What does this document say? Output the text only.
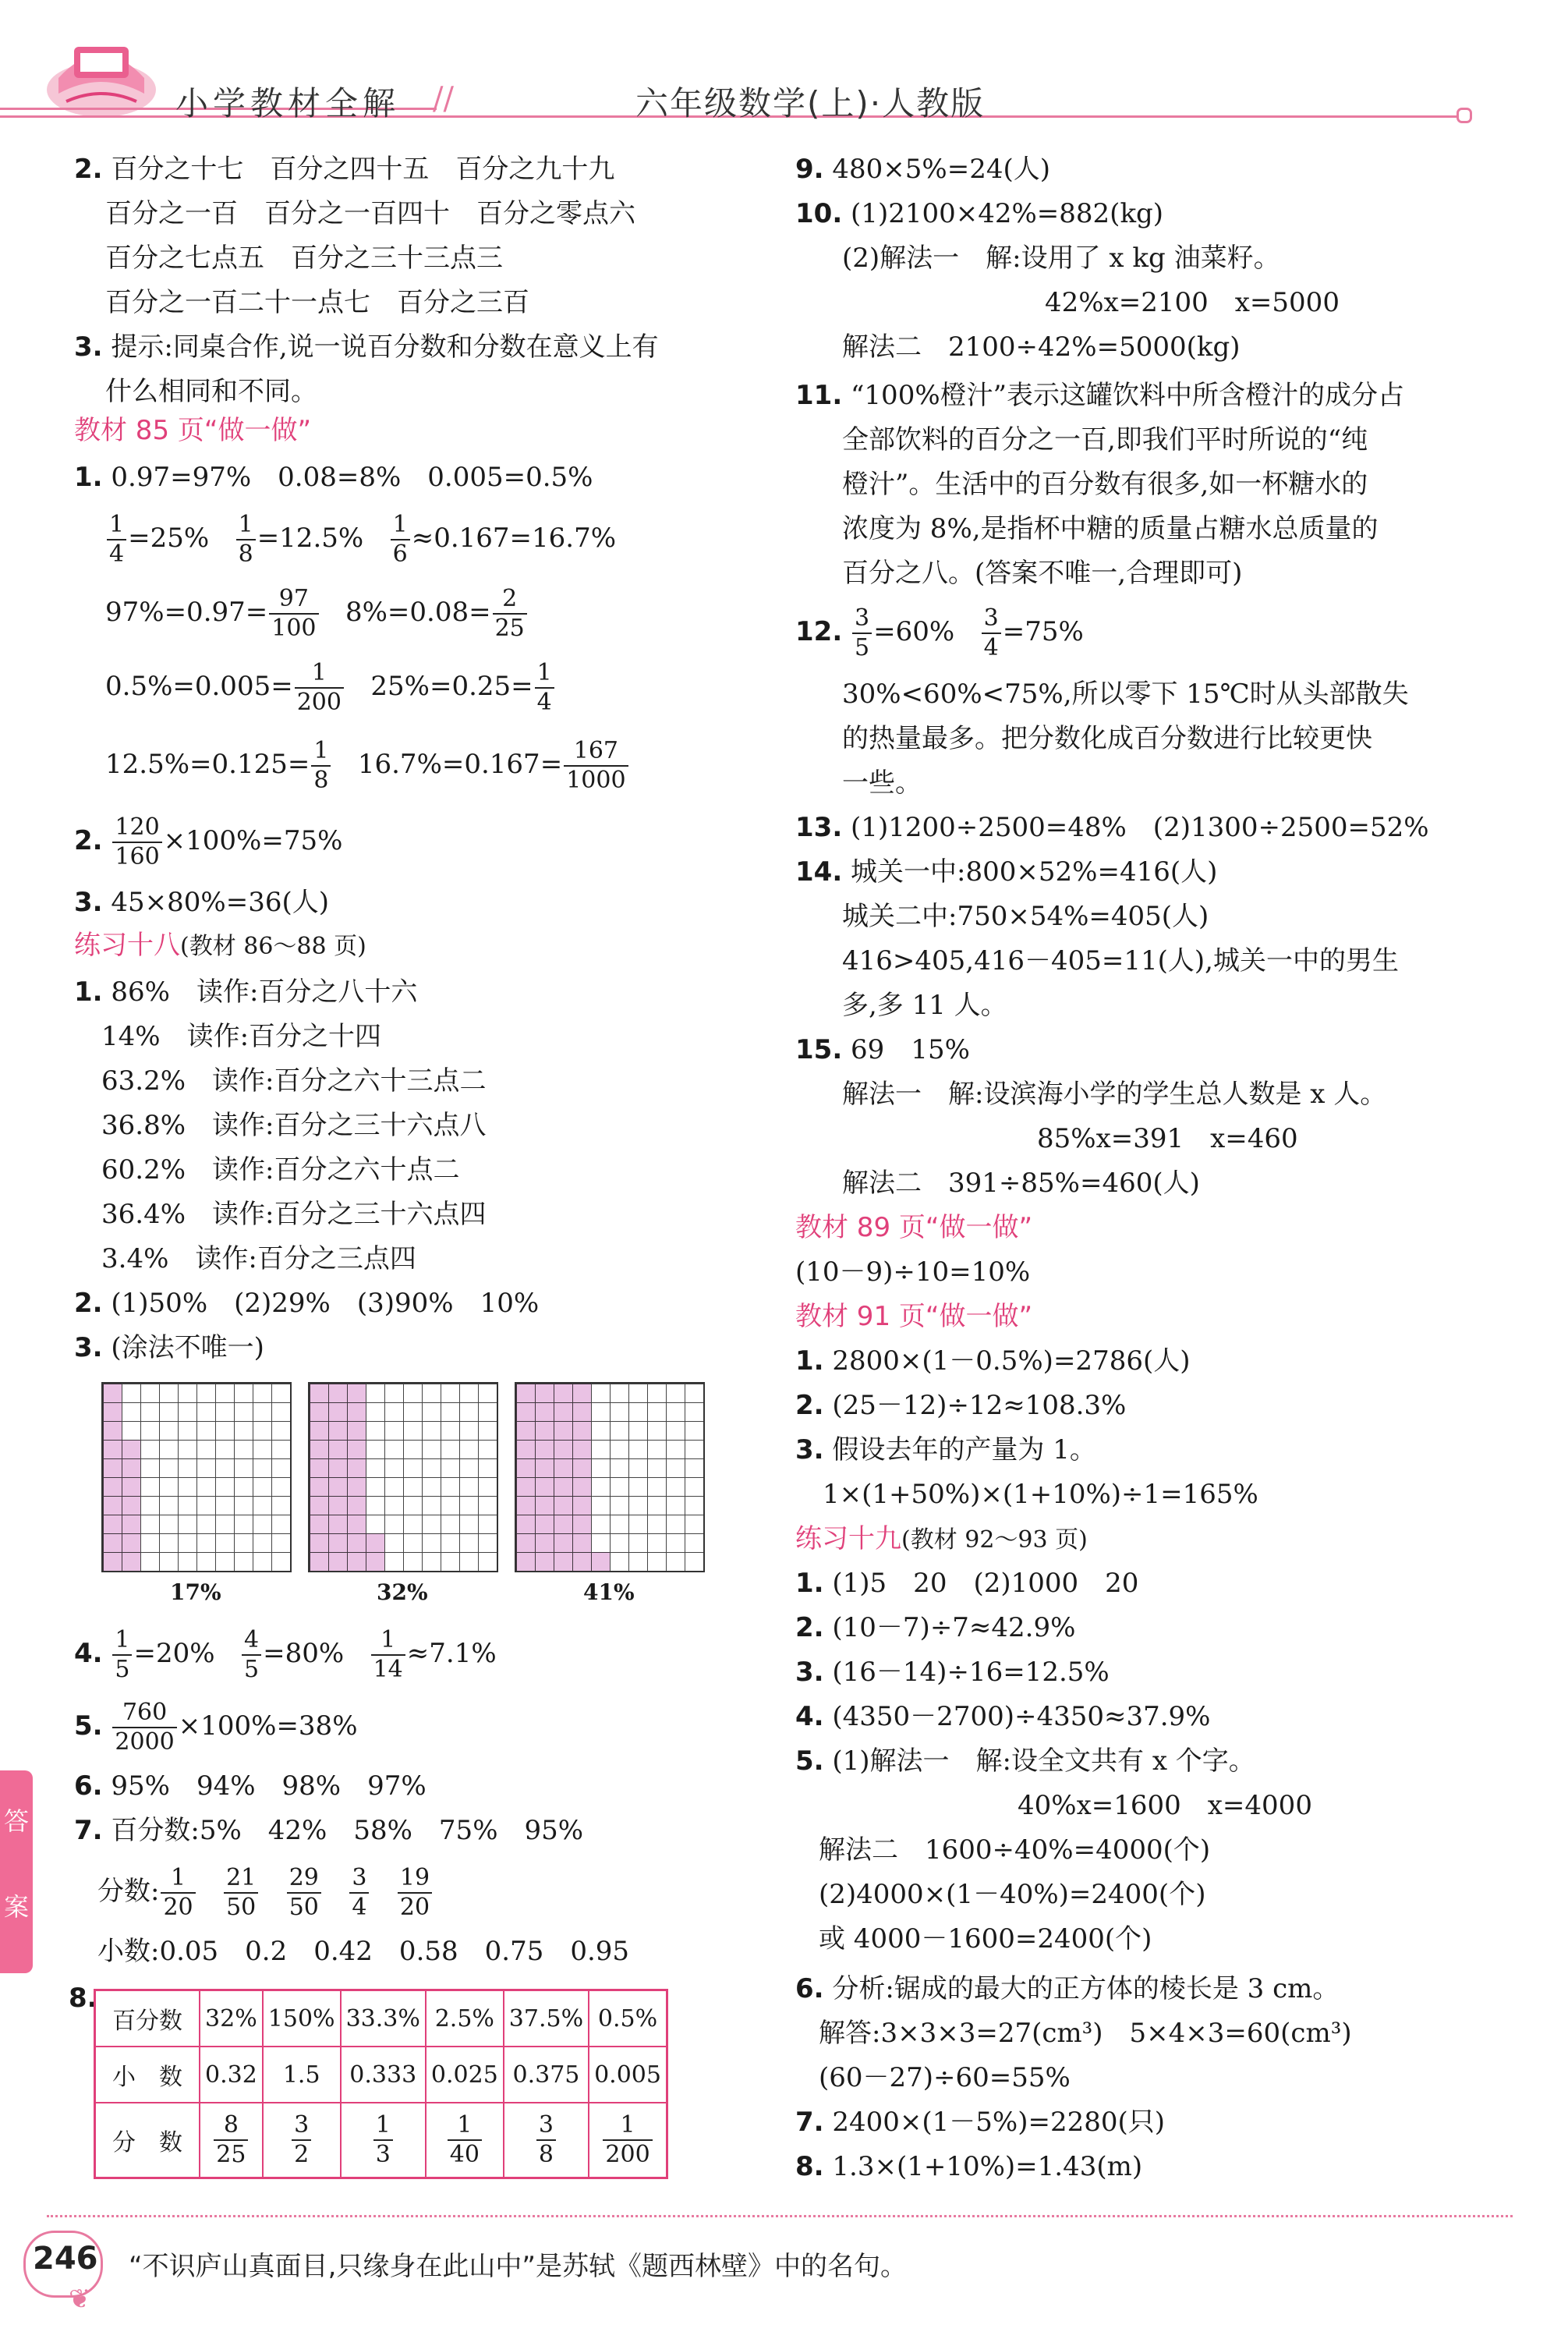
小学教材全解 //	六年级数学(上)·人教版
2. 百分之十七　百分之四十五　百分之九十九
百分之一百　百分之一百四十　百分之零点六
百分之七点五　百分之三十三点三
百分之一百二十一点七　百分之三百
3. 提示:同桌合作,说一说百分数和分数在意义上有
什么相同和不同。
教材 85 页“做一做”
1. 0.97=97%　0.08=8%　0.005=0.5%
$\frac{1}{4} =25\% \frac{1}{8} =12.5\% \frac{1}{6} \approx 0.167=16.7\%$
$97\%=0.97= \frac{97}{100} 8\%=0.08= \frac{2}{25}$
$0.5\%=0.005= \frac{1}{200} 25\%=0.25= \frac{1}{4}$
$12.5\%=0.125= \frac{1}{8} 16.7\%=0.167= \frac{167}{1000}$
2. $\frac{120}{160} \times 100\%=75\%$
3. 45×80%=36(人)
练习十八(教材 86～88 页)
1. 86%　读作:百分之八十六
14%　读作:百分之十四
63.2%　读作:百分之六十三点二
36.8%　读作:百分之三十六点八
60.2%　读作:百分之六十点二
36.4%　读作:百分之三十六点四
3.4%　读作:百分之三点四
2. (1)50%　(2)29%　(3)90%　10%
3. (涂法不唯一)
17%	32%	41%
4. $\frac{1}{5} =20\% \frac{4}{5} =80\% \frac{1}{14} \approx 7.1\%$
5. $\frac{760}{2000} \times 100\%=38\%$
6. 95%　94%　98%　97%
7. 百分数:5%　42%　58%　75%　95%
分数: $\frac{1}{20}$
$\frac{21}{50}$
$\frac{29}{50}$
$\frac{3}{4}$
$\frac{19}{20}$
小数:0.05　0.2　0.42　0.58　0.75　0.95
8.
百分数	32%	150%	33.3%	2.5%	37.5%	0.5%
小　数	0.32	1.5	0.333	0.025	0.375	0.005
分　数	$\frac{8}{25}$	$\frac{3}{2}$	$\frac{1}{3}$	$\frac{1}{40}$	$\frac{3}{8}$	$\frac{1}{200}$
9. 480×5%=24(人)
10. (1)2100×42%=882(kg)
(2)解法一　解:设用了 x kg 油菜籽。
42%x=2100　x=5000
解法二　2100÷42%=5000(kg)
11. “100%橙汁”表示这罐饮料中所含橙汁的成分占
全部饮料的百分之一百,即我们平时所说的“纯
橙汁”。生活中的百分数有很多,如一杯糖水的
浓度为 8%,是指杯中糖的质量占糖水总质量的
百分之八。(答案不唯一,合理即可)
12. $\frac{3}{5} =60\% \frac{3}{4} =75\%$
30%<60%<75%,所以零下 15℃时从头部散失
的热量最多。把分数化成百分数进行比较更快
一些。
13. (1)1200÷2500=48%　(2)1300÷2500=52%
14. 城关一中:800×52%=416(人)
城关二中:750×54%=405(人)
416>405,416－405=11(人),城关一中的男生
多,多 11 人。
15. 69　15%
解法一　解:设滨海小学的学生总人数是 x 人。
85%x=391　x=460
解法二　391÷85%=460(人)
教材 89 页“做一做”
(10－9)÷10=10%
教材 91 页“做一做”
1. 2800×(1－0.5%)=2786(人)
2. (25－12)÷12≈108.3%
3. 假设去年的产量为 1。
1×(1+50%)×(1+10%)÷1=165%
练习十九(教材 92～93 页)
1. (1)5　20　(2)1000　20
2. (10－7)÷7≈42.9%
3. (16－14)÷16=12.5%
4. (4350－2700)÷4350≈37.9%
5. (1)解法一　解:设全文共有 x 个字。
40%x=1600　x=4000
解法二　1600÷40%=4000(个)
(2)4000×(1－40%)=2400(个)
或 4000－1600=2400(个)
6. 分析:锯成的最大的正方体的棱长是 3 cm。
解答:3×3×3=27(cm³)　5×4×3=60(cm³)
(60－27)÷60=55%
7. 2400×(1－5%)=2280(只)
8. 1.3×(1+10%)=1.43(m)
答
案
246
❦
“不识庐山真面目,只缘身在此山中”是苏轼《题西林壁》中的名句。
